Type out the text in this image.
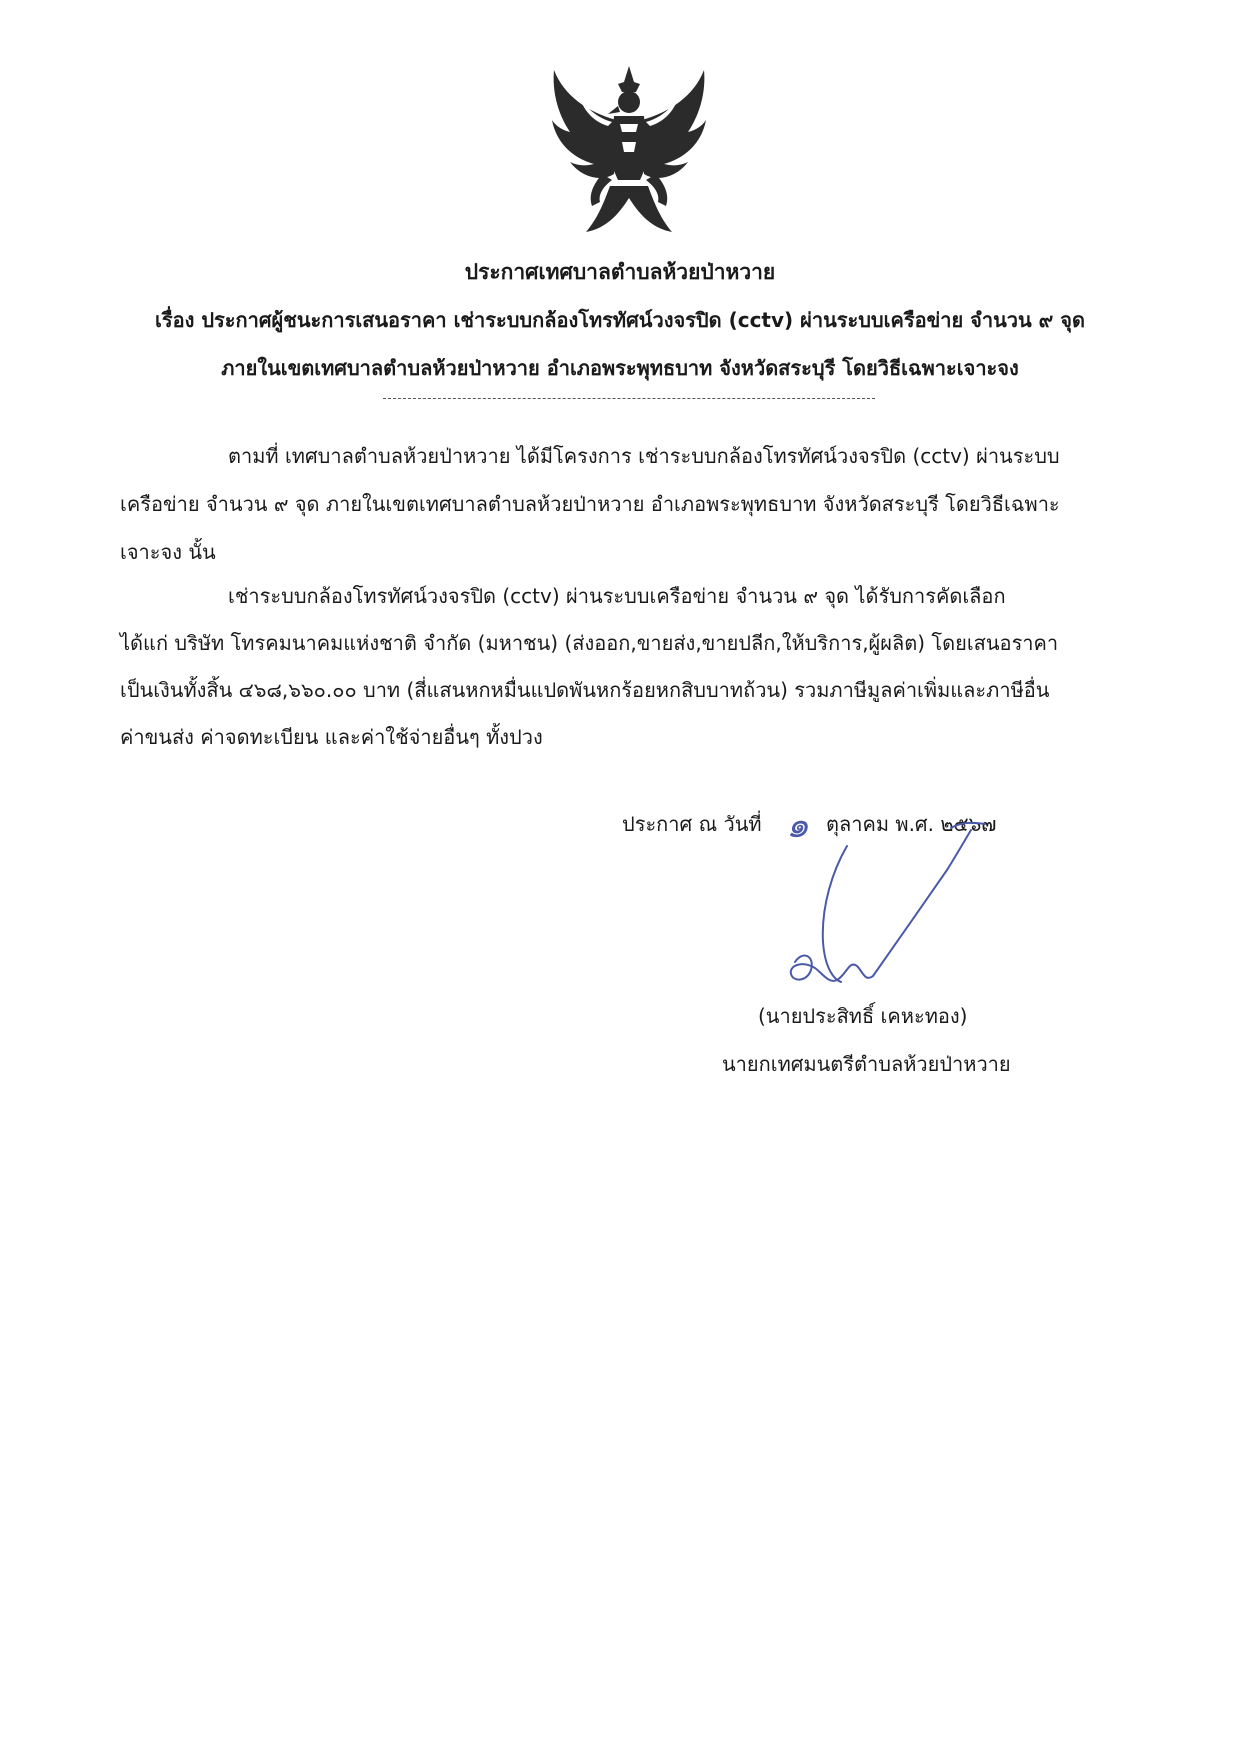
ประกาศเทศบาลตำบลห้วยป่าหวาย
เรื่อง ประกาศผู้ชนะการเสนอราคา เช่าระบบกล้องโทรทัศน์วงจรปิด (cctv) ผ่านระบบเครือข่าย จำนวน ๙ จุด
ภายในเขตเทศบาลตำบลห้วยป่าหวาย อำเภอพระพุทธบาท จังหวัดสระบุรี โดยวิธีเฉพาะเจาะจง
ตามที่ เทศบาลตำบลห้วยป่าหวาย ได้มีโครงการ เช่าระบบกล้องโทรทัศน์วงจรปิด (cctv) ผ่านระบบ
เครือข่าย จำนวน ๙ จุด ภายในเขตเทศบาลตำบลห้วยป่าหวาย อำเภอพระพุทธบาท จังหวัดสระบุรี โดยวิธีเฉพาะ
เจาะจง นั้น
เช่าระบบกล้องโทรทัศน์วงจรปิด (cctv) ผ่านระบบเครือข่าย จำนวน ๙ จุด ได้รับการคัดเลือก
ได้แก่ บริษัท โทรคมนาคมแห่งชาติ จำกัด (มหาชน) (ส่งออก,ขายส่ง,ขายปลีก,ให้บริการ,ผู้ผลิต) โดยเสนอราคา
เป็นเงินทั้งสิ้น ๔๖๘,๖๖๐.๐๐ บาท (สี่แสนหกหมื่นแปดพันหกร้อยหกสิบบาทถ้วน) รวมภาษีมูลค่าเพิ่มและภาษีอื่น
ค่าขนส่ง ค่าจดทะเบียน และค่าใช้จ่ายอื่นๆ ทั้งปวง
ประกาศ ณ วันที่ ๑ ตุลาคม พ.ศ. ๒๕๖๗
(นายประสิทธิ์ เคหะทอง)
นายกเทศมนตรีตำบลห้วยป่าหวาย
